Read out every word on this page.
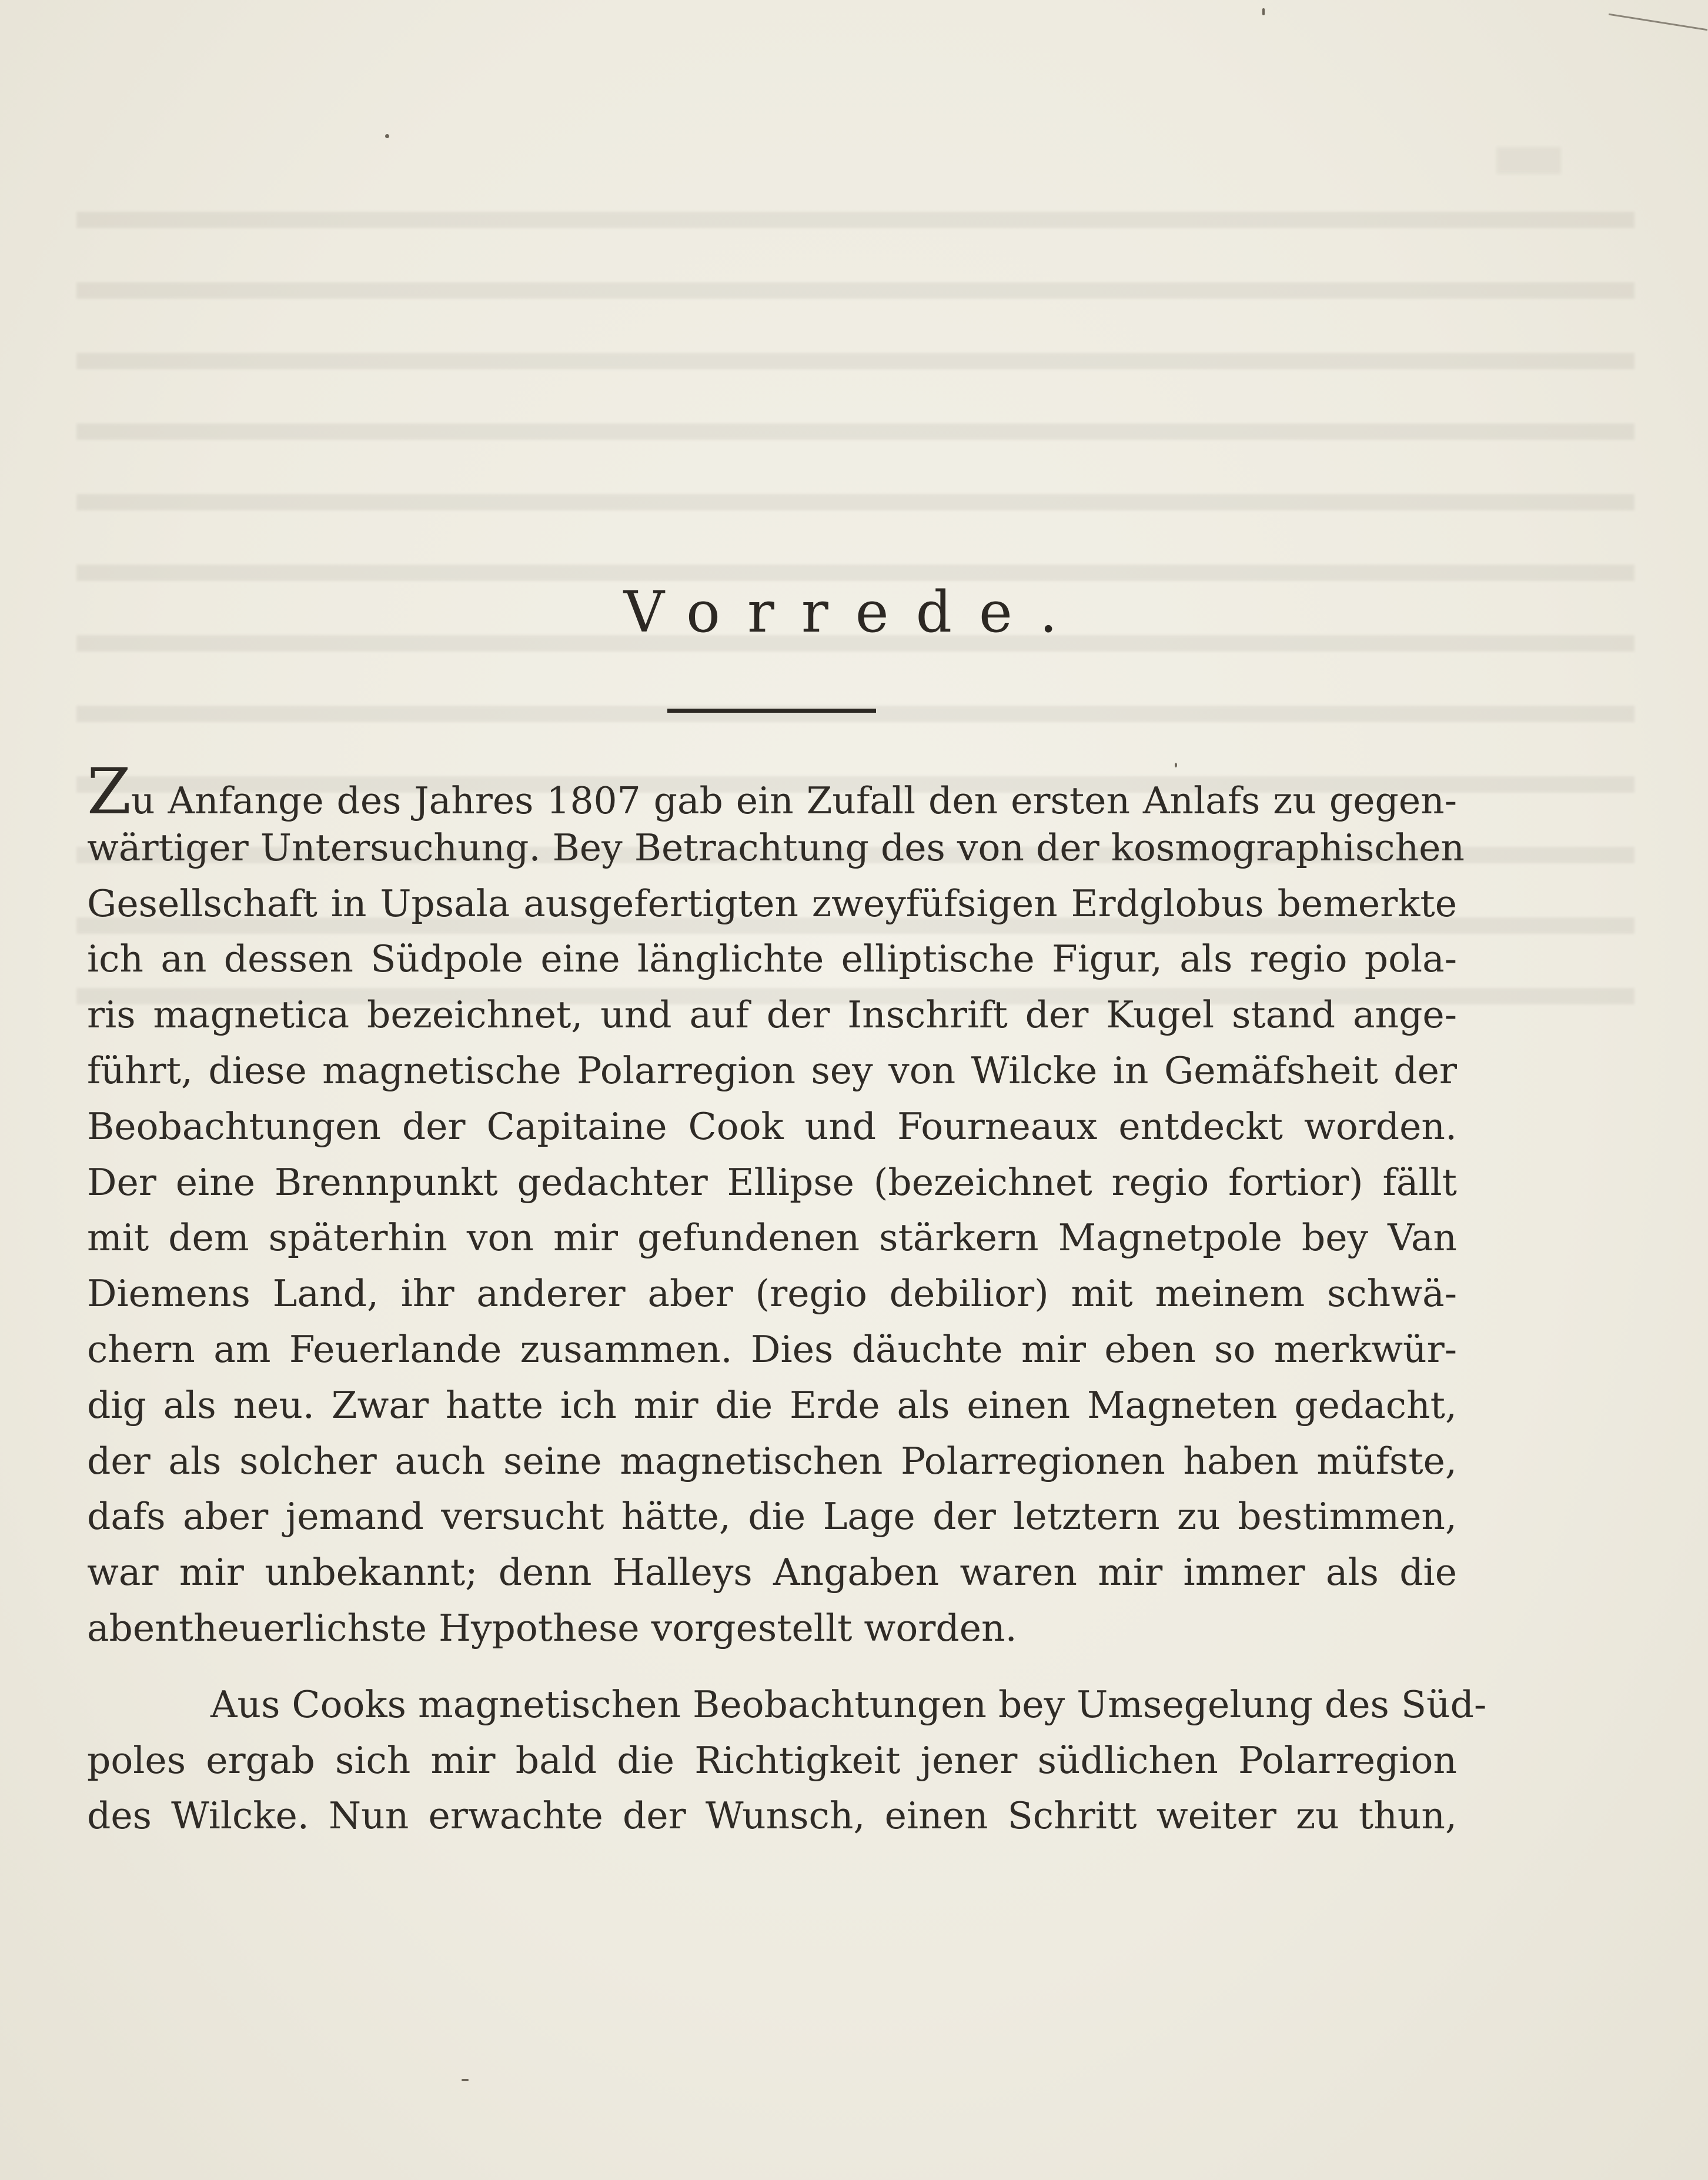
Vorrede.
Zu Anfange des Jahres 1807 gab ein Zufall den ersten Anlafs zu gegen-
wärtiger Untersuchung. Bey Betrachtung des von der kosmographischen
Gesellschaft in Upsala ausgefertigten zweyfüfsigen Erdglobus bemerkte
ich an dessen Südpole eine länglichte elliptische Figur, als regio pola-
ris magnetica bezeichnet, und auf der Inschrift der Kugel stand ange-
führt, diese magnetische Polarregion sey von Wilcke in Gemäfsheit der
Beobachtungen der Capitaine Cook und Fourneaux entdeckt worden.
Der eine Brennpunkt gedachter Ellipse (bezeichnet regio fortior) fällt
mit dem späterhin von mir gefundenen stärkern Magnetpole bey Van
Diemens Land, ihr anderer aber (regio debilior) mit meinem schwä-
chern am Feuerlande zusammen. Dies däuchte mir eben so merkwür-
dig als neu. Zwar hatte ich mir die Erde als einen Magneten gedacht,
der als solcher auch seine magnetischen Polarregionen haben müfste,
dafs aber jemand versucht hätte, die Lage der letztern zu bestimmen,
war mir unbekannt; denn Halleys Angaben waren mir immer als die
abentheuerlichste Hypothese vorgestellt worden.
Aus Cooks magnetischen Beobachtungen bey Umsegelung des Süd-
poles ergab sich mir bald die Richtigkeit jener südlichen Polarregion
des Wilcke. Nun erwachte der Wunsch, einen Schritt weiter zu thun,
